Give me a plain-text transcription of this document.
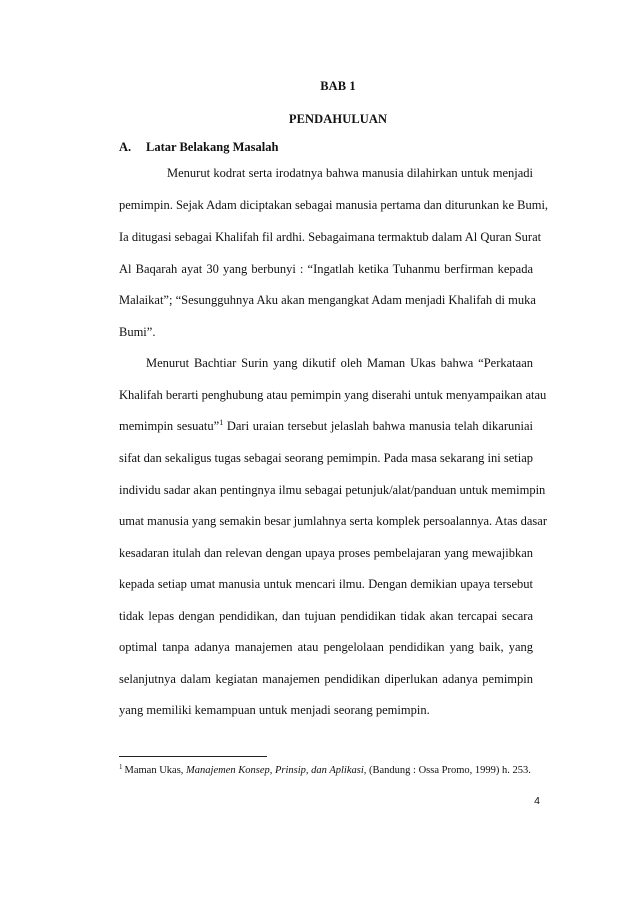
BAB 1
PENDAHULUAN
A. Latar Belakang Masalah
Menurut kodrat serta irodatnya bahwa manusia dilahirkan untuk menjadi
pemimpin. Sejak Adam diciptakan sebagai manusia pertama dan diturunkan ke Bumi,
Ia ditugasi sebagai Khalifah fil ardhi. Sebagaimana termaktub dalam Al Quran Surat
Al Baqarah ayat 30 yang berbunyi : “Ingatlah ketika Tuhanmu berfirman kepada
Malaikat”; “Sesungguhnya Aku akan mengangkat Adam menjadi Khalifah di muka
Bumi”.
Menurut Bachtiar Surin yang dikutif oleh Maman Ukas bahwa “Perkataan
Khalifah berarti penghubung atau pemimpin yang diserahi untuk menyampaikan atau
memimpin sesuatu”$^1$ Dari uraian tersebut jelaslah bahwa manusia telah dikaruniai
sifat dan sekaligus tugas sebagai seorang pemimpin. Pada masa sekarang ini setiap
individu sadar akan pentingnya ilmu sebagai petunjuk/alat/panduan untuk memimpin
umat manusia yang semakin besar jumlahnya serta komplek persoalannya. Atas dasar
kesadaran itulah dan relevan dengan upaya proses pembelajaran yang mewajibkan
kepada setiap umat manusia untuk mencari ilmu. Dengan demikian upaya tersebut
tidak lepas dengan pendidikan, dan tujuan pendidikan tidak akan tercapai secara
optimal tanpa adanya manajemen atau pengelolaan pendidikan yang baik, yang
selanjutnya dalam kegiatan manajemen pendidikan diperlukan adanya pemimpin
yang memiliki kemampuan untuk menjadi seorang pemimpin.
$^1$ Maman Ukas, Manajemen Konsep, Prinsip, dan Aplikasi, (Bandung : Ossa Promo, 1999) h. 253.
4
